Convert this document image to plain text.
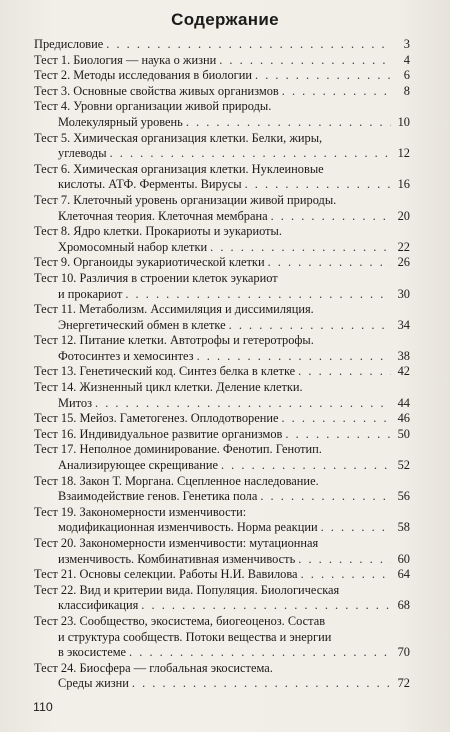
Содержание
Предисловие . . .	3
Тест 1. Биология — наука о жизни . . .	4
Тест 2. Методы исследования в биологии . . .	6
Тест 3. Основные свойства живых организмов . . .	8
Тест 4. Уровни организации живой природы.
Молекулярный уровень . . .	10
Тест 5. Химическая организация клетки. Белки, жиры,
углеводы . . .	12
Тест 6. Химическая организация клетки. Нуклеиновые
кислоты. АТФ. Ферменты. Вирусы . . .	16
Тест 7. Клеточный уровень организации живой природы.
Клеточная теория. Клеточная мембрана . . .	20
Тест 8. Ядро клетки. Прокариоты и эукариоты.
Хромосомный набор клетки . . .	22
Тест 9. Органоиды эукариотической клетки . . .	26
Тест 10. Различия в строении клеток эукариот
и прокариот . . .	30
Тест 11. Метаболизм. Ассимиляция и диссимиляция.
Энергетический обмен в клетке . . .	34
Тест 12. Питание клетки. Автотрофы и гетеротрофы.
Фотосинтез и хемосинтез . . .	38
Тест 13. Генетический код. Синтез белка в клетке . . .	42
Тест 14. Жизненный цикл клетки. Деление клетки.
Митоз . . .	44
Тест 15. Мейоз. Гаметогенез. Оплодотворение . . .	46
Тест 16. Индивидуальное развитие организмов . . .	50
Тест 17. Неполное доминирование. Фенотип. Генотип.
Анализирующее скрещивание . . .	52
Тест 18. Закон Т. Моргана. Сцепленное наследование.
Взаимодействие генов. Генетика пола . . .	56
Тест 19. Закономерности изменчивости:
модификационная изменчивость. Норма реакции . . .	58
Тест 20. Закономерности изменчивости: мутационная
изменчивость. Комбинативная изменчивость . . .	60
Тест 21. Основы селекции. Работы Н.И. Вавилова . . .	64
Тест 22. Вид и критерии вида. Популяция. Биологическая
классификация . . .	68
Тест 23. Сообщество, экосистема, биогеоценоз. Состав
и структура сообществ. Потоки вещества и энергии
в экосистеме . . .	70
Тест 24. Биосфера — глобальная экосистема.
Среды жизни . . .	72
110
